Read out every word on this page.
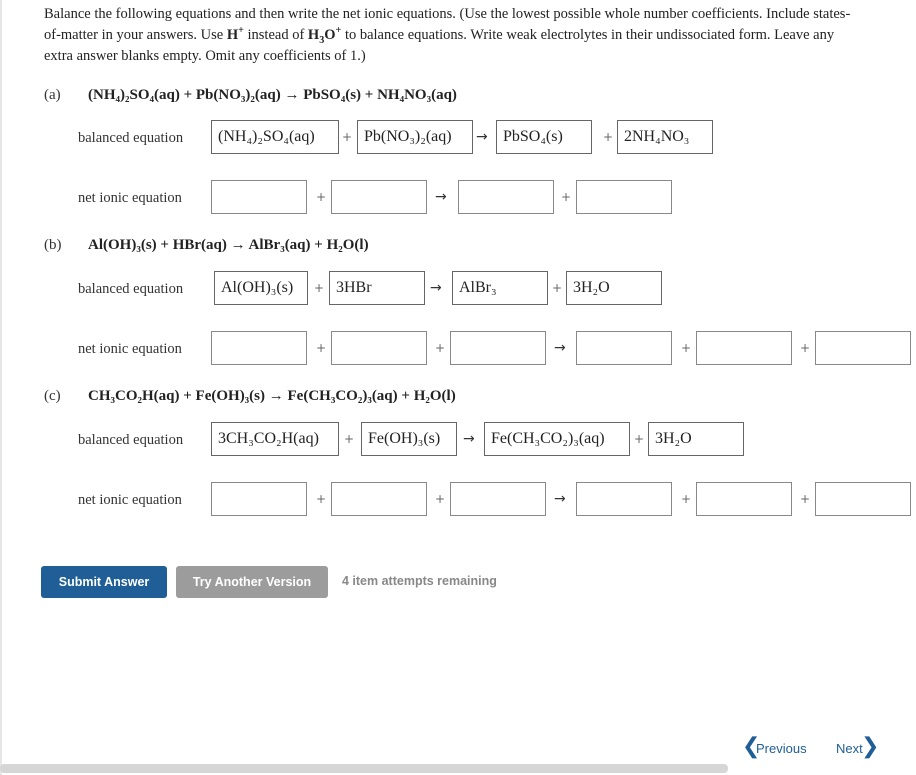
Balance the following equations and then write the net ionic equations. (Use the lowest possible whole number coefficients. Include states-of-matter in your answers. Use H+ instead of $H_3O^+$ to balance equations. Write weak electrolytes in their undissociated form. Leave any extra answer blanks empty. Omit any coefficients of 1.)
(a) (NH₄)₂SO₄(aq) + Pb(NO₃)₂(aq) → PbSO₄(s) + NH₄NO₃(aq)
balanced equation	(NH₄)₂SO₄(aq)	+ Pb(NO₃)₂(aq)	→ PbSO₄(s)	+ 2NH₄NO₃
net ionic equation	+	→	+
(b) Al(OH)₃(s) + HBr(aq) → AlBr₃(aq) + H₂O(l)
balanced equation	Al(OH)₃(s)	+ 3HBr	→	AlBr₃	+ 3H₂O
net ionic equation	+	+	→	+	+
(c) CH₃CO₂H(aq) + Fe(OH)₃(s) → Fe(CH₃CO₂)₃(aq) + H₂O(l)
balanced equation	3CH₃CO₂H(aq)	+ Fe(OH)₃(s)	→	Fe(CH₃CO₂)₃(aq)	+ 3H₂O
net ionic equation	+	+	→	+	+
Submit Answer	Try Another Version	4 item attempts remaining
❮
Previous Next
❯
